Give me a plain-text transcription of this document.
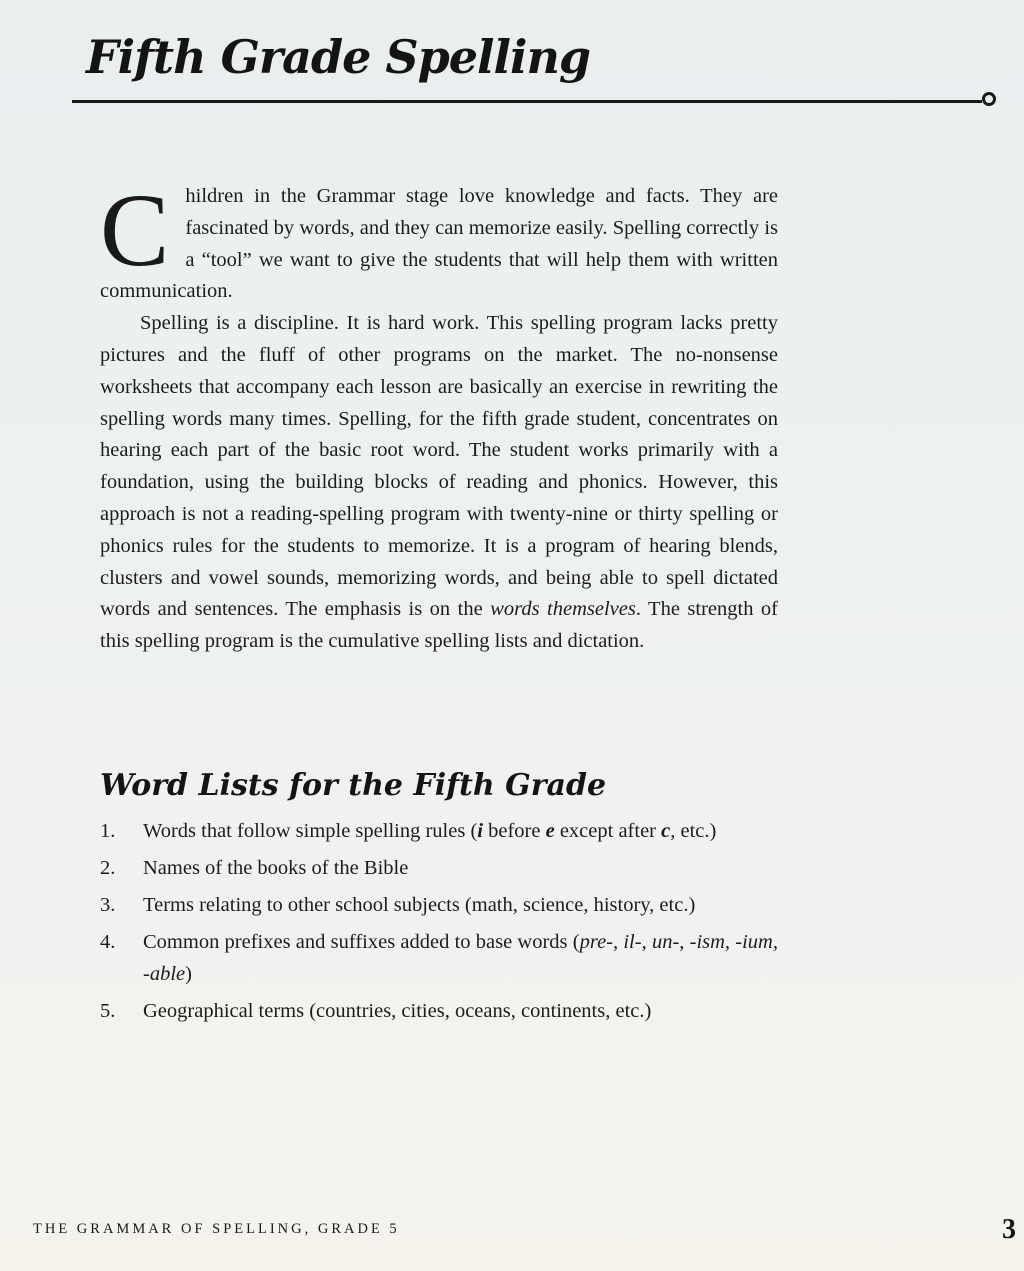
Fifth Grade Spelling

Children in the Grammar stage love knowledge and facts. They are fascinated by words, and they can memorize easily. Spelling correctly is a “tool” we want to give the students that will help them with written communication.

Spelling is a discipline. It is hard work. This spelling program lacks pretty pictures and the fluff of other programs on the market. The no-nonsense worksheets that accompany each lesson are basically an exercise in rewriting the spelling words many times. Spelling, for the fifth grade student, concentrates on hearing each part of the basic root word. The student works primarily with a foundation, using the building blocks of reading and phonics. However, this approach is not a reading-spelling program with twenty-nine or thirty spelling or phonics rules for the students to memorize. It is a program of hearing blends, clusters and vowel sounds, memorizing words, and being able to spell dictated words and sentences. The emphasis is on the words themselves. The strength of this spelling program is the cumulative spelling lists and dictation.

Word Lists for the Fifth Grade
1. Words that follow simple spelling rules (i before e except after c, etc.)
2. Names of the books of the Bible
3. Terms relating to other school subjects (math, science, history, etc.)
4. Common prefixes and suffixes added to base words (pre-, il-, un-, -ism, -ium, -able)
5. Geographical terms (countries, cities, oceans, continents, etc.)
THE GRAMMAR OF SPELLING, GRADE 5	3
